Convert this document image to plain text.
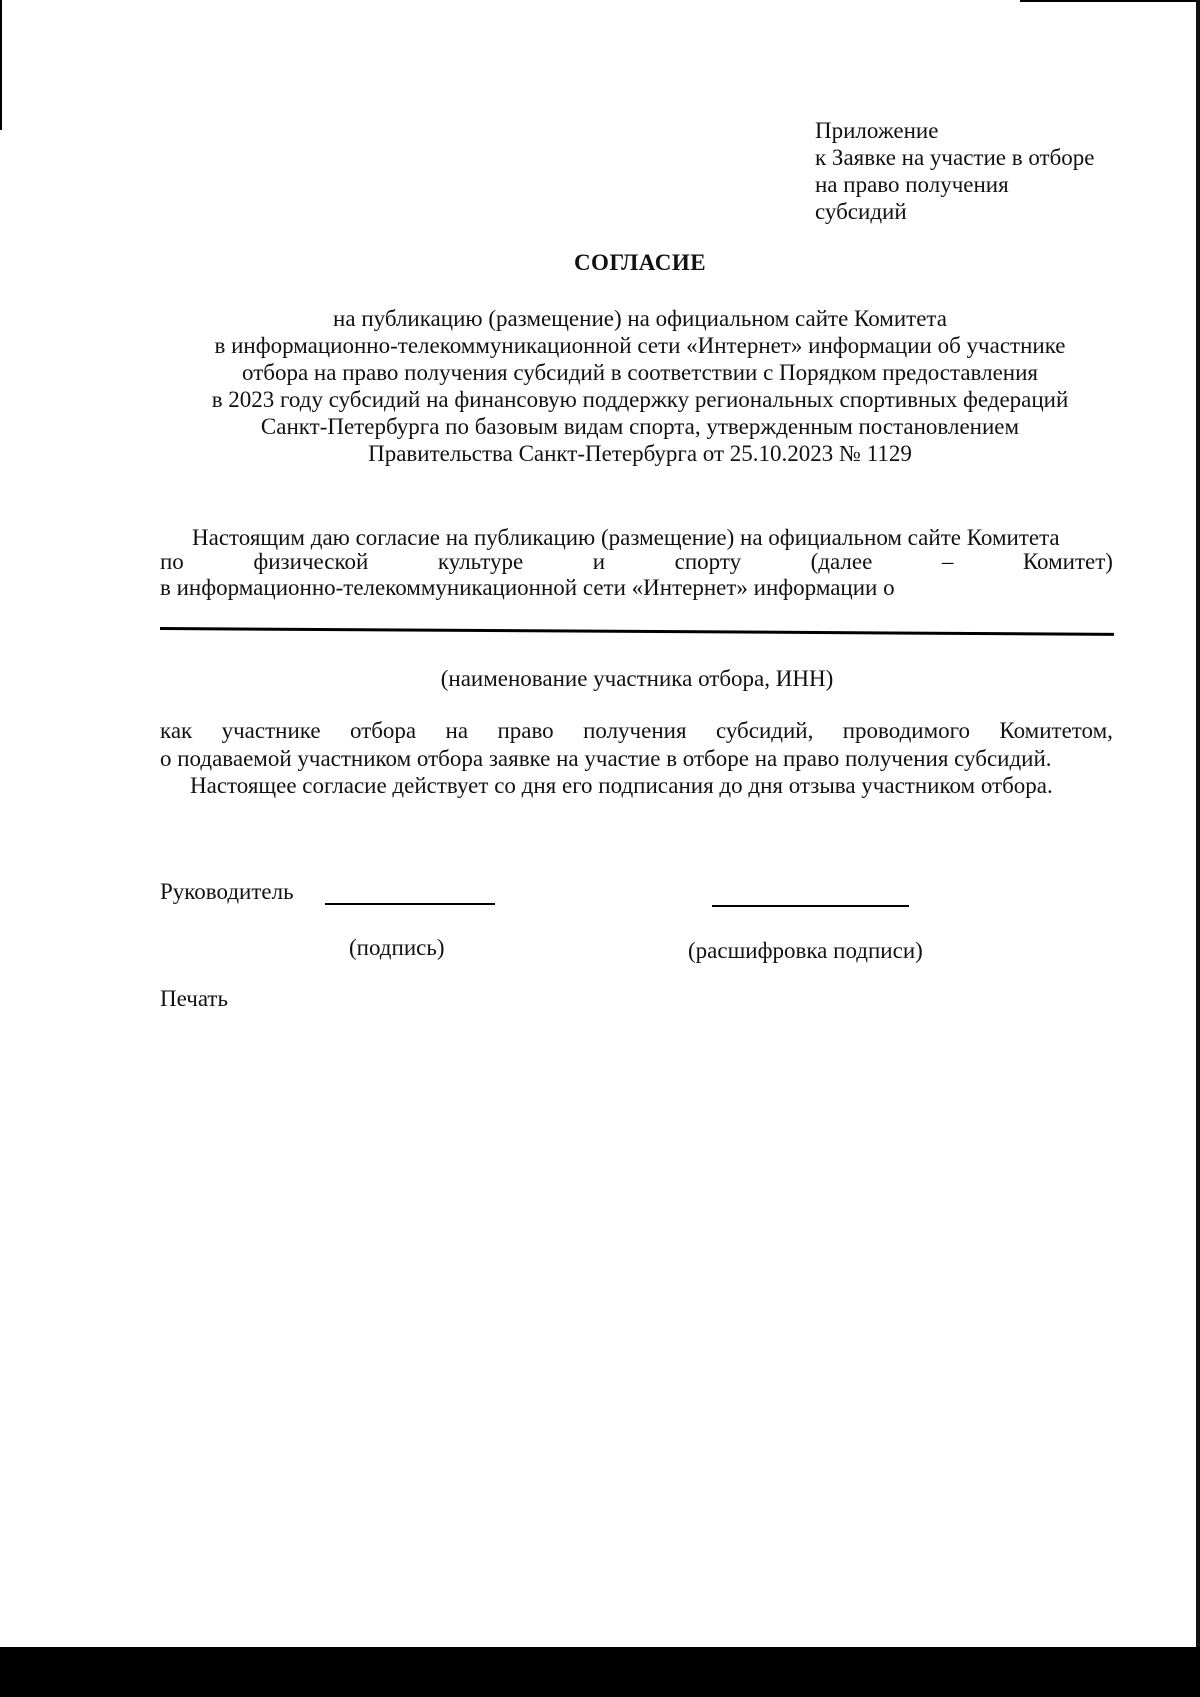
Приложение
к Заявке на участие в отборе
на право получения
субсидий
СОГЛАСИЕ
на публикацию (размещение) на официальном сайте Комитета
в информационно-телекоммуникационной сети «Интернет» информации об участнике
отбора на право получения субсидий в соответствии с Порядком предоставления
в 2023 году субсидий на финансовую поддержку региональных спортивных федераций
Санкт-Петербурга по базовым видам спорта, утвержденным постановлением
Правительства Санкт-Петербурга от 25.10.2023 № 1129
Настоящим даю согласие на публикацию (размещение) на официальном сайте Комитета
по	физической	культуре	и	спорту	(далее	–	Комитет)
в информационно-телекоммуникационной сети «Интернет» информации о
(наименование участника отбора, ИНН)
как участнике отбора на право получения субсидий, проводимого Комитетом,
о подаваемой участником отбора заявке на участие в отборе на право получения субсидий.
Настоящее согласие действует со дня его подписания до дня отзыва участником отбора.
Руководитель
(подпись)	(расшифровка подписи)
Печать
